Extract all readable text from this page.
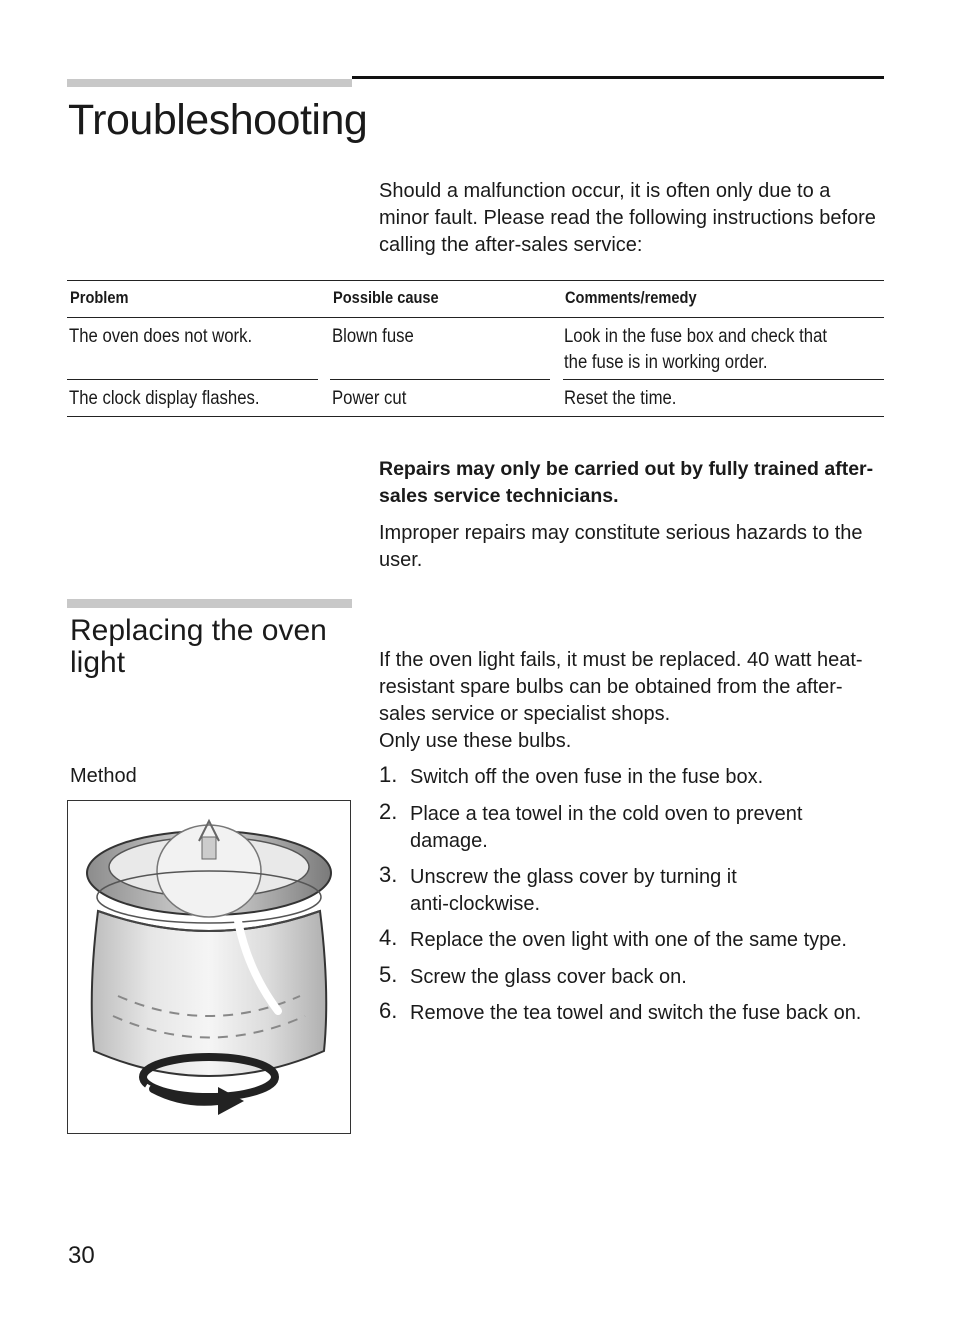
Troubleshooting
Should a malfunction occur, it is often only due to a minor fault. Please read the following instructions before calling the after-sales service:
Problem	Possible cause	Comments/remedy
The oven does not work.	Blown fuse	Look in the fuse box and check that
the fuse is in working order.
The clock display flashes.	Power cut	Reset the time.
Repairs may only be carried out by fully trained after-sales service technicians.
Improper repairs may constitute serious hazards to the user.
Replacing the oven light	If the oven light fails, it must be replaced. 40 watt heat-resistant spare bulbs can be obtained from the after-sales service or specialist shops.
Only use these bulbs.
Method	1. Switch off the oven fuse in the fuse box.
2. Place a tea towel in the cold oven to prevent damage.
3. Unscrew the glass cover by turning it anti-clockwise.
4. Replace the oven light with one of the same type.
5. Screw the glass cover back on.
6. Remove the tea towel and switch the fuse back on.
30
